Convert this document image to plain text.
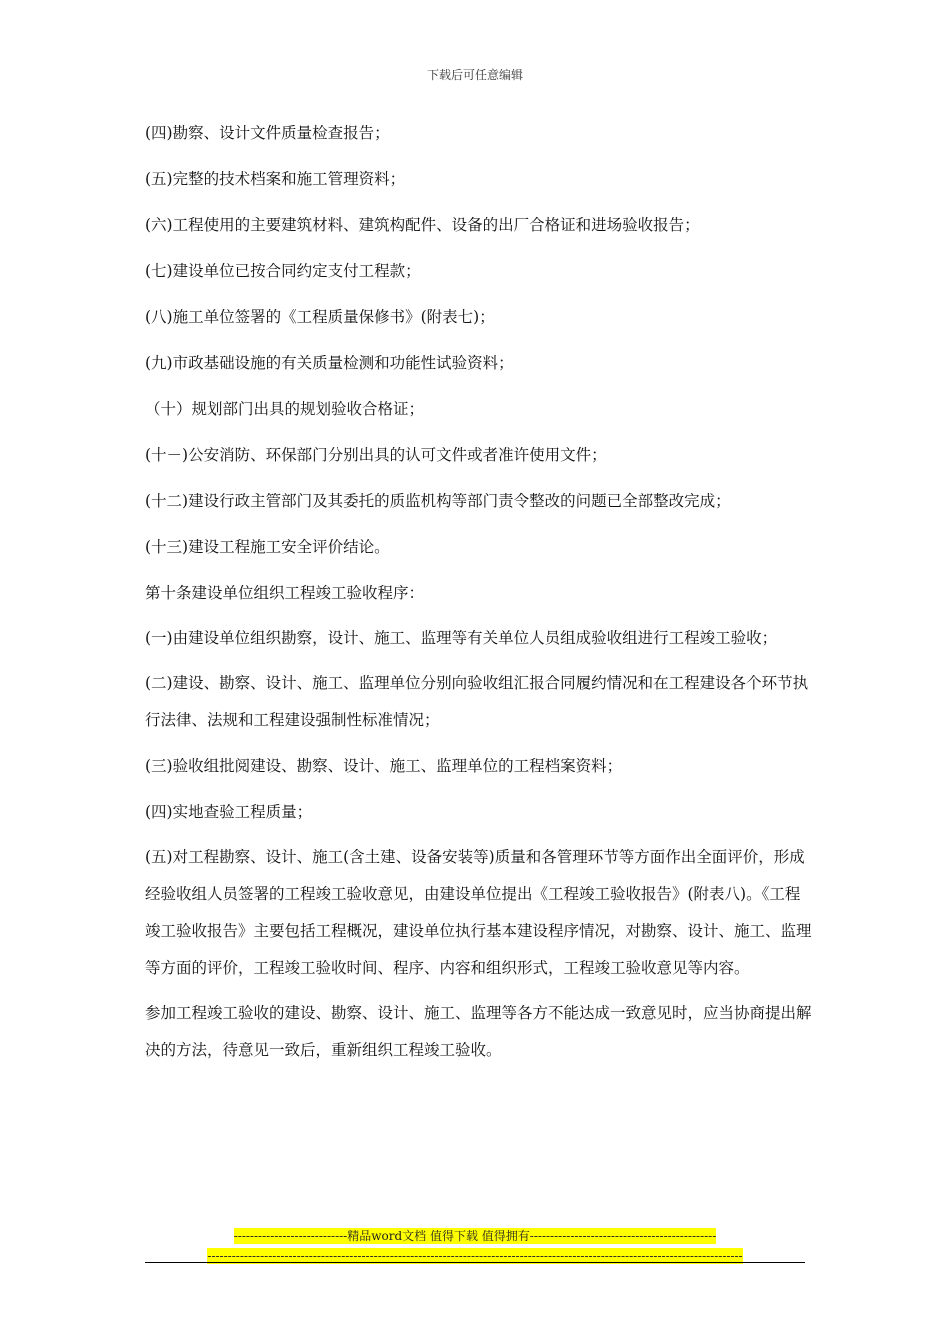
下载后可任意编辑

(四)勘察、设计文件质量检查报告；

(五)完整的技术档案和施工管理资料；

(六)工程使用的主要建筑材料、建筑构配件、设备的出厂合格证和进场验收报告；

(七)建设单位已按合同约定支付工程款；

(八)施工单位签署的《工程质量保修书》(附表七)；

(九)市政基础设施的有关质量检测和功能性试验资料；

（十）规划部门出具的规划验收合格证；

(十－)公安消防、环保部门分别出具的认可文件或者准许使用文件；

(十二)建设行政主管部门及其委托的质监机构等部门责令整改的问题已全部整改完成；

(十三)建设工程施工安全评价结论。

第十条建设单位组织工程竣工验收程序：

(一)由建设单位组织勘察，设计、施工、监理等有关单位人员组成验收组进行工程竣工验收；

(二)建设、勘察、设计、施工、监理单位分别向验收组汇报合同履约情况和在工程建设各个环节执行法律、法规和工程建设强制性标准情况；

(三)验收组批阅建设、勘察、设计、施工、监理单位的工程档案资料；

(四)实地查验工程质量；

(五)对工程勘察、设计、施工(含土建、设备安装等)质量和各管理环节等方面作出全面评价，形成经验收组人员签署的工程竣工验收意见，由建设单位提出《工程竣工验收报告》(附表八)。《工程竣工验收报告》主要包括工程概况，建设单位执行基本建设程序情况，对勘察、设计、施工、监理等方面的评价，工程竣工验收时间、程序、内容和组织形式，工程竣工验收意见等内容。

参加工程竣工验收的建设、勘察、设计、施工、监理等各方不能达成一致意见时，应当协商提出解决的方法，待意见一致后，重新组织工程竣工验收。

----------------------------精品word文档 值得下载 值得拥有----------------------------------------------
------------------------------------------------------------------------------------------------------------------------------------
